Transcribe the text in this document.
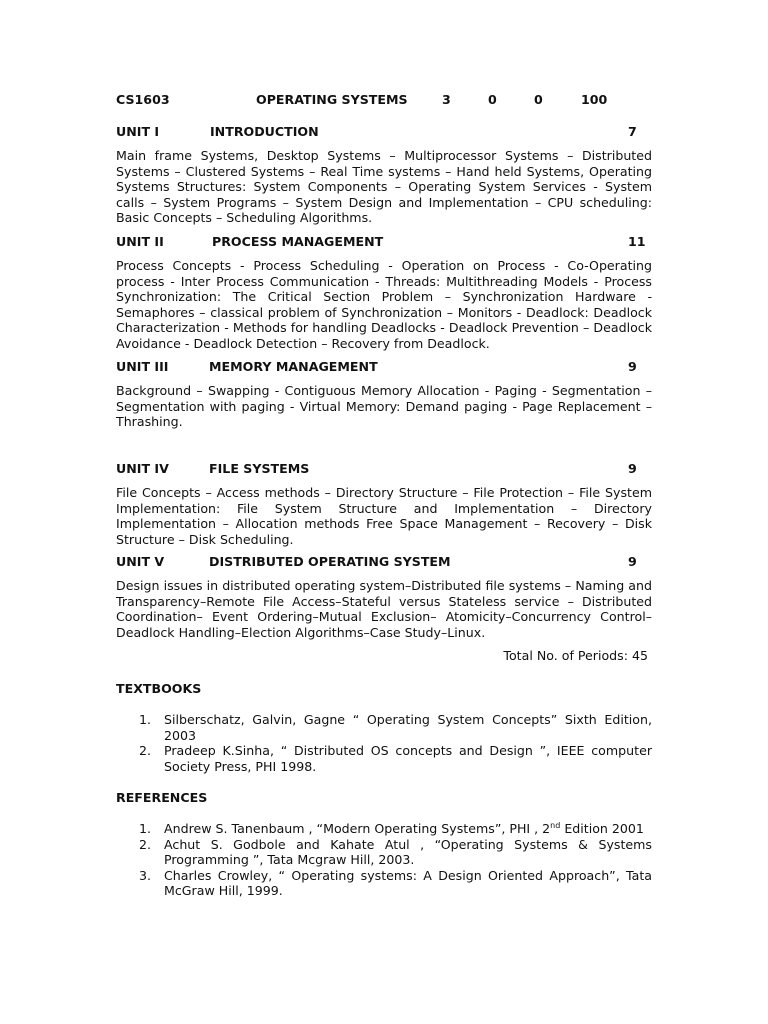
CS1603	OPERATING SYSTEMS	3	0	0	100
UNIT I	INTRODUCTION	7

Main frame Systems, Desktop Systems – Multiprocessor Systems – Distributed Systems – Clustered Systems – Real Time systems – Hand held Systems, Operating Systems Structures: System Components – Operating System Services - System calls – System Programs – System Design and Implementation – CPU scheduling: Basic Concepts – Scheduling Algorithms.

UNIT II	PROCESS MANAGEMENT	11

Process Concepts - Process Scheduling - Operation on Process - Co-Operating process - Inter Process Communication - Threads: Multithreading Models - Process Synchronization: The Critical Section Problem – Synchronization Hardware - Semaphores – classical problem of Synchronization – Monitors - Deadlock: Deadlock Characterization - Methods for handling Deadlocks - Deadlock Prevention – Deadlock Avoidance - Deadlock Detection – Recovery from Deadlock.

UNIT III	MEMORY MANAGEMENT	9

Background – Swapping - Contiguous Memory Allocation - Paging - Segmentation – Segmentation with paging - Virtual Memory: Demand paging - Page Replacement – Thrashing.

UNIT IV	FILE SYSTEMS	9

File Concepts – Access methods – Directory Structure – File Protection – File System Implementation: File System Structure and Implementation – Directory Implementation – Allocation methods Free Space Management – Recovery – Disk Structure – Disk Scheduling.

UNIT V	DISTRIBUTED OPERATING SYSTEM	9

Design issues in distributed operating system–Distributed file systems – Naming and Transparency–Remote File Access–Stateful versus Stateless service – Distributed Coordination– Event Ordering–Mutual Exclusion– Atomicity–Concurrency Control– Deadlock Handling–Election Algorithms–Case Study–Linux.

Total No. of Periods: 45
TEXTBOOKS
1. Silberschatz, Galvin, Gagne “ Operating System Concepts” Sixth Edition, 2003
2. Pradeep K.Sinha, “ Distributed OS concepts and Design ”, IEEE computer Society Press, PHI 1998.
REFERENCES
1. Andrew S. Tanenbaum , “Modern Operating Systems”, PHI , 2nd Edition 2001
2. Achut S. Godbole and Kahate Atul , “Operating Systems & Systems Programming ”, Tata Mcgraw Hill, 2003.
3. Charles Crowley, “ Operating systems: A Design Oriented Approach”, Tata McGraw Hill, 1999.
